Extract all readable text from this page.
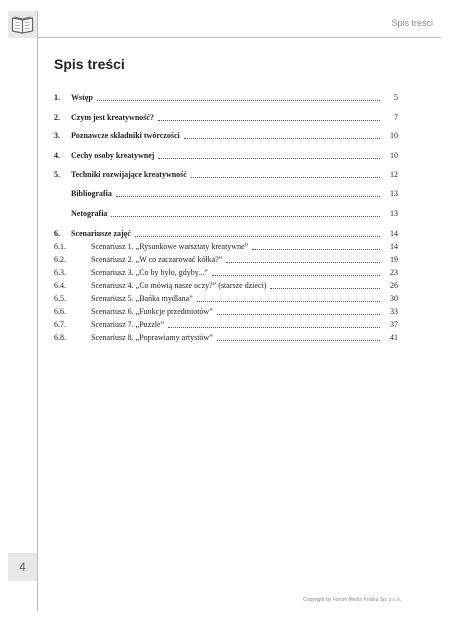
Spis treści
Spis treści
1.	Wstęp	5
2.	Czym jest kreatywność?	7
3.	Poznawcze składniki twórczości	10
4.	Cechy osoby kreatywnej	10
5.	Techniki rozwijające kreatywność	12
Bibliografia	13
Netografia	13
6.	Scenariusze zajęć	14
6.1.	Scenariusz 1. „Rysunkowe warsztaty kreatywne”	14
6.2.	Scenariusz 2. „W co zaczarować kółka?”	19
6.3.	Scenariusz 3. „Co by było, gdyby...”	23
6.4.	Scenariusz 4. „Co mówią nasze oczy?” (starsze dzieci)	26
6.5.	Scenariusz 5. „Bańka mydlana”	30
6.6.	Scenariusz 6. „Funkcje przedmiotów”	33
6.7.	Scenariusz 7. „Puzzle”	37
6.8.	Scenariusz 8. „Poprawiamy artystów”	41
4
Copyright by Forum Media Polska Sp. z o.o.
